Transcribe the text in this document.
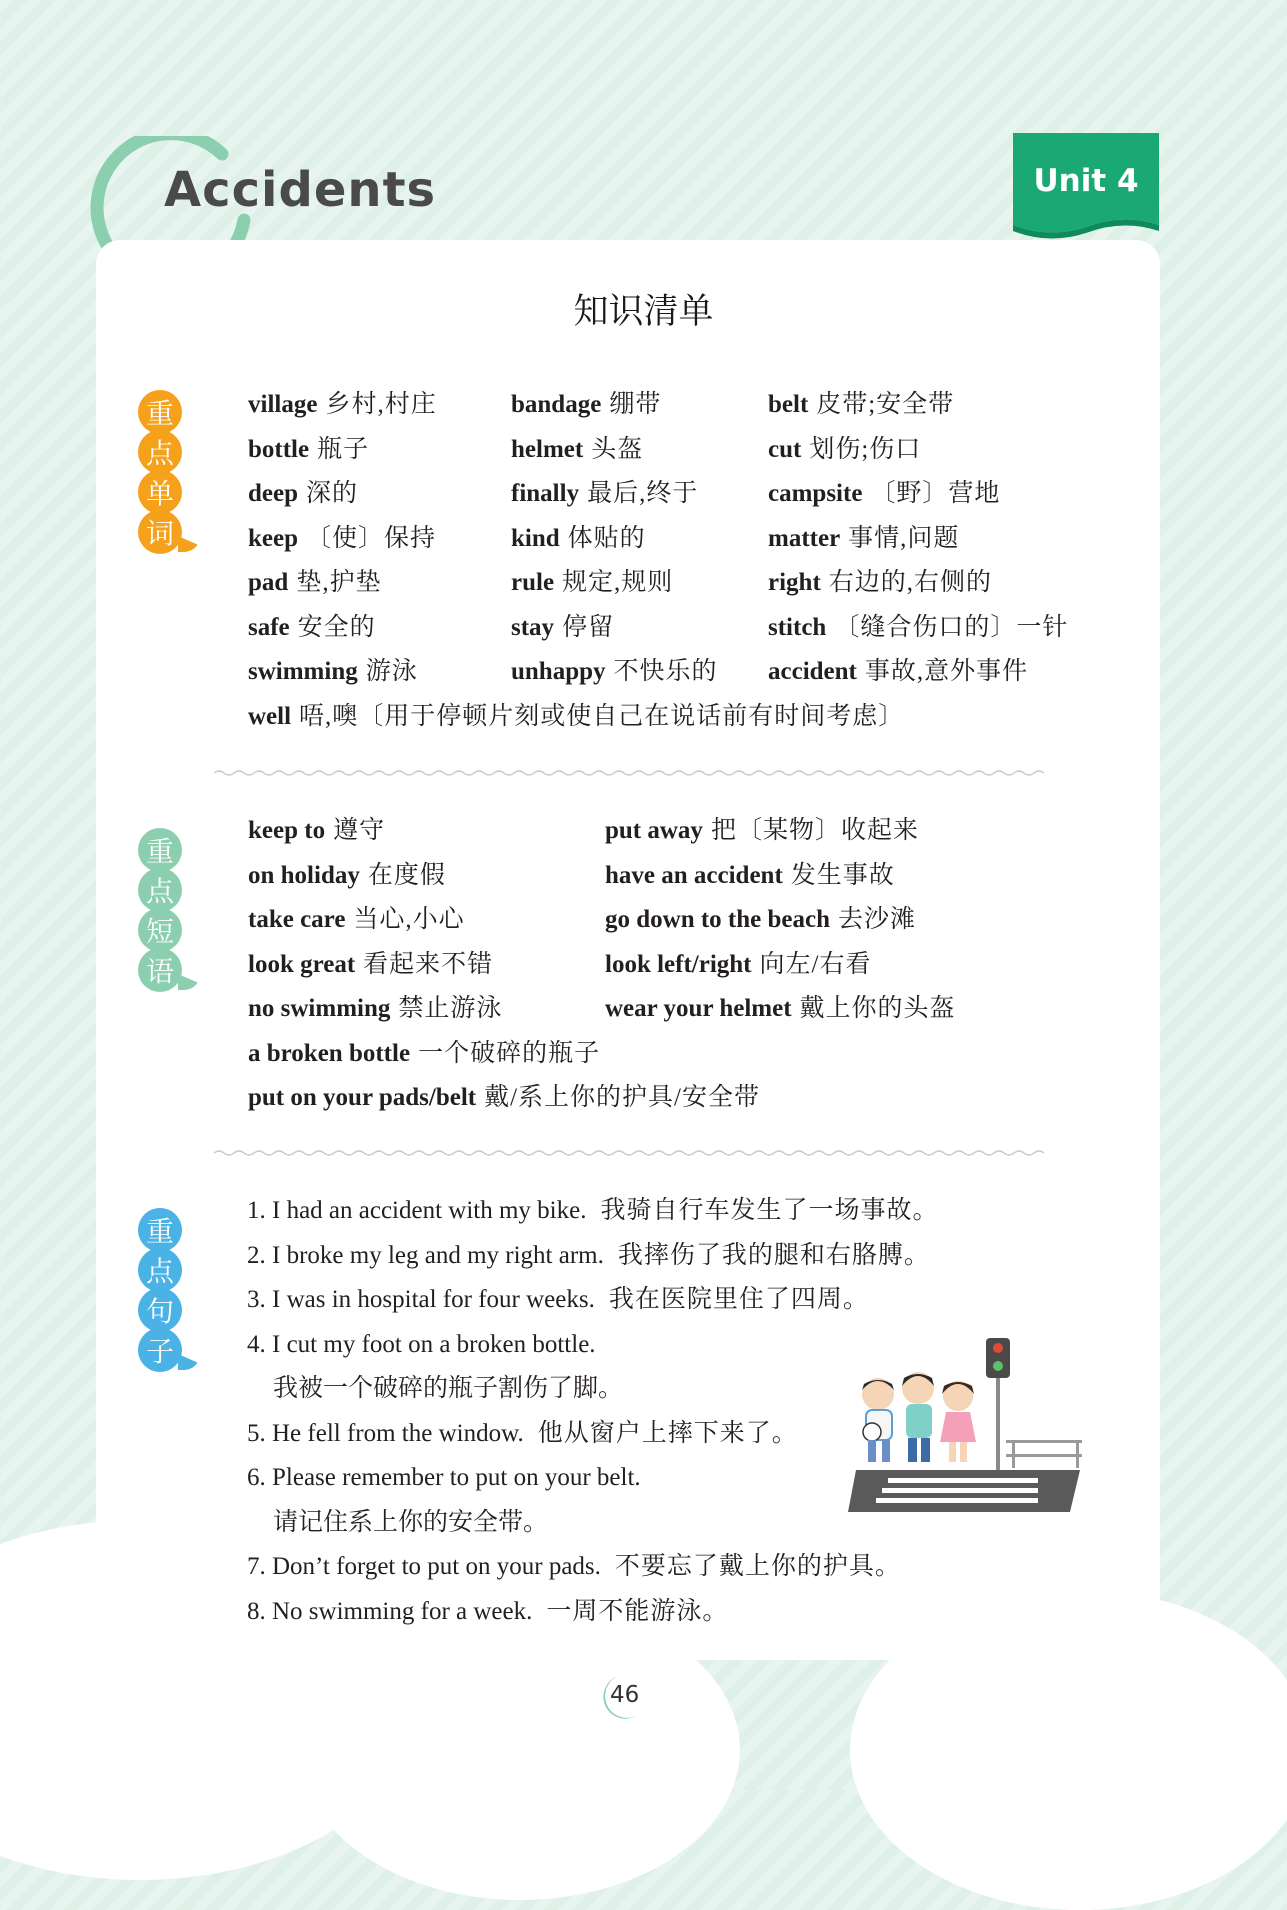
Accidents	Unit 4
知识清单
重
点
单
词
village 乡村,村庄	bandage 绷带	belt 皮带;安全带
bottle 瓶子	helmet 头盔	cut 划伤;伤口
deep 深的	finally 最后,终于	campsite 〔野〕营地
keep 〔使〕保持	kind 体贴的	matter 事情,问题
pad 垫,护垫	rule 规定,规则	right 右边的,右侧的
safe 安全的	stay 停留	stitch 〔缝合伤口的〕一针
swimming 游泳	unhappy 不快乐的 accident 事故,意外事件
well 唔,噢〔用于停顿片刻或使自己在说话前有时间考虑〕
重
点
短
语
keep to 遵守	put away 把〔某物〕收起来
on holiday 在度假	have an accident 发生事故
take care 当心,小心	go down to the beach 去沙滩
look great 看起来不错	look left/right 向左/右看
no swimming 禁止游泳	wear your helmet 戴上你的头盔
a broken bottle 一个破碎的瓶子
put on your pads/belt 戴/系上你的护具/安全带
重
点
句
子
1. I had an accident with my bike. 我骑自行车发生了一场事故。
2. I broke my leg and my right arm. 我摔伤了我的腿和右胳膊。
3. I was in hospital for four weeks. 我在医院里住了四周。
4. I cut my foot on a broken bottle.
我被一个破碎的瓶子割伤了脚。
5. He fell from the window. 他从窗户上摔下来了。
6. Please remember to put on your belt.
请记住系上你的安全带。
7. Don’t forget to put on your pads. 不要忘了戴上你的护具。
8. No swimming for a week. 一周不能游泳。
46
